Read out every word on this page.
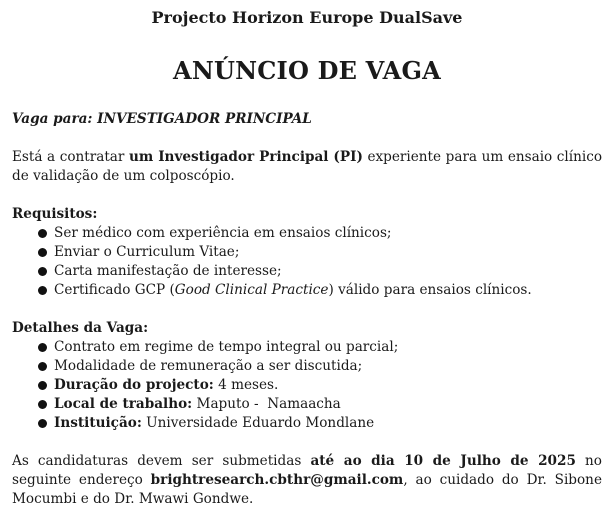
Projecto Horizon Europe DualSave

ANÚNCIO DE VAGA

Vaga para: INVESTIGADOR PRINCIPAL

Está a contratar um Investigador Principal (PI) experiente para um ensaio clínico de validação de um colposcópio.

Requisitos:

Ser médico com experiência em ensaios clínicos;
Enviar o Curriculum Vitae;
Carta manifestação de interesse;
Certificado GCP (Good Clinical Practice) válido para ensaios clínicos.

Detalhes da Vaga:

Contrato em regime de tempo integral ou parcial;
Modalidade de remuneração a ser discutida;
Duração do projecto: 4 meses.
Local de trabalho: Maputo -  Namaacha
Instituição: Universidade Eduardo Mondlane

As candidaturas devem ser submetidas até ao dia 10 de Julho de 2025 no seguinte endereço brightresearch.cbthr@gmail.com, ao cuidado do Dr. Sibone Mocumbi e do Dr. Mwawi Gondwe.
